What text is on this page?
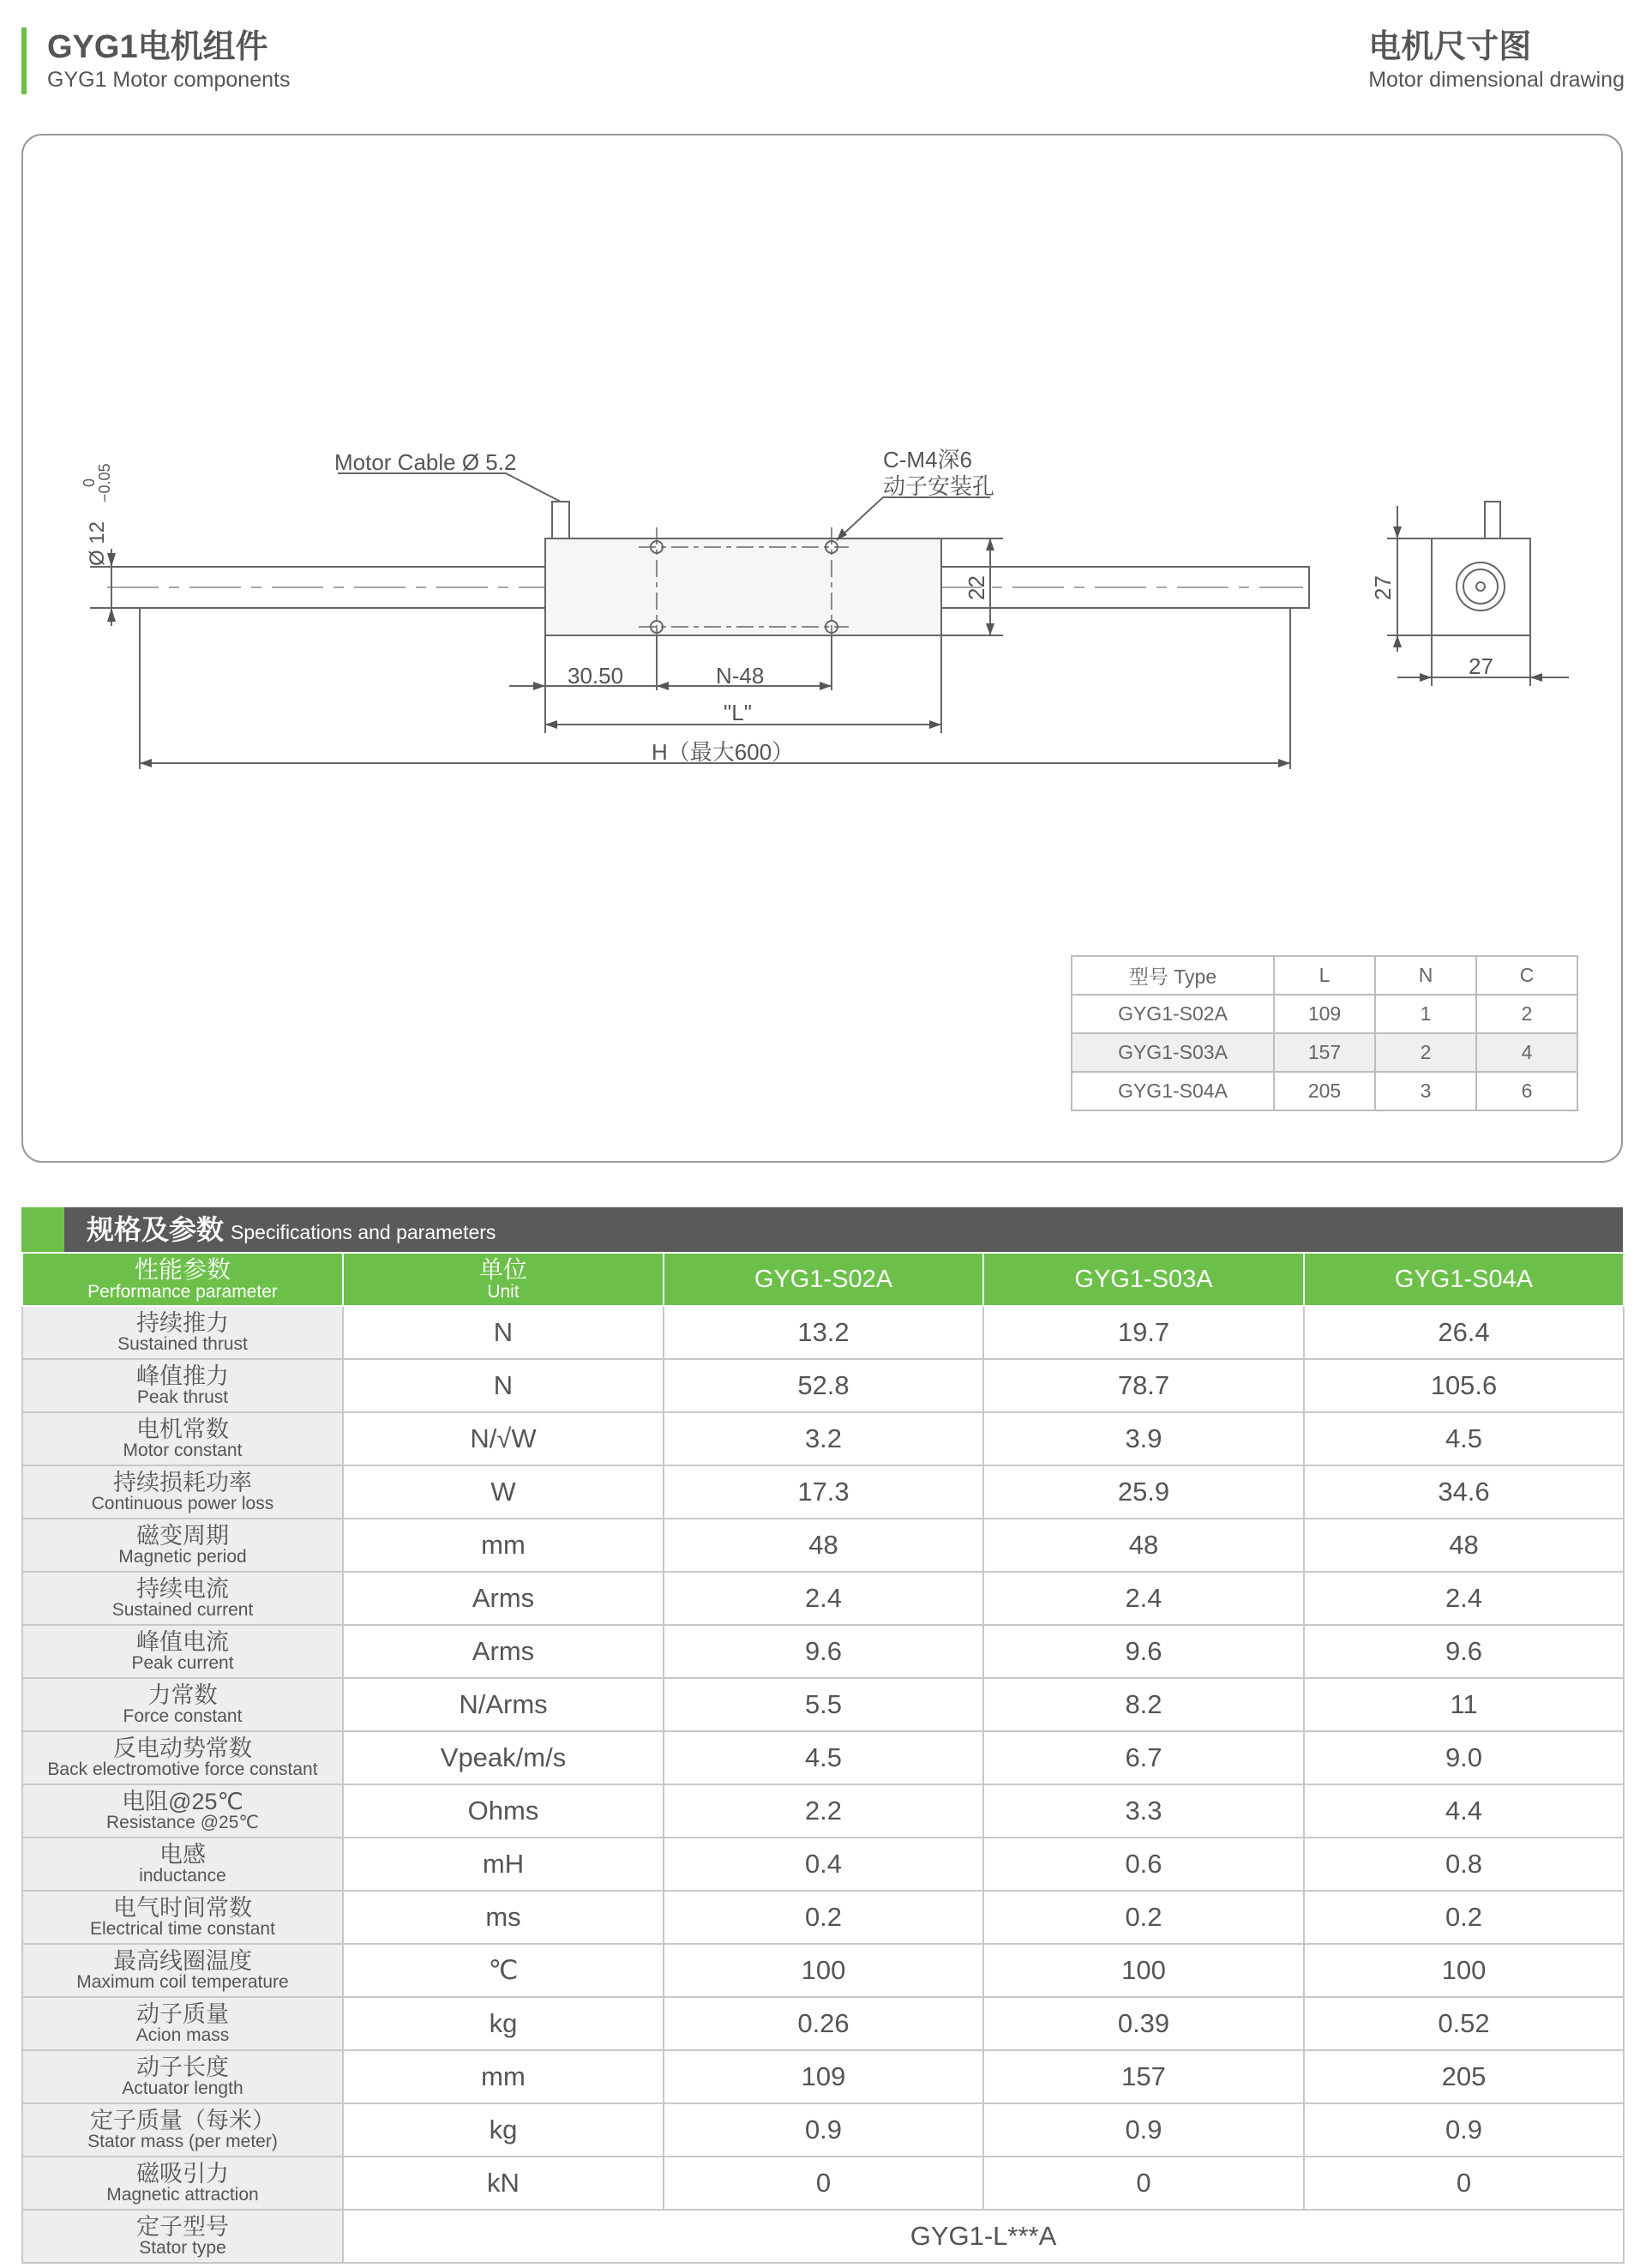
GYG1电机组件
GYG1 Motor components
电机尺寸图
Motor dimensional drawing
Ø 12
0
−0.05
Motor Cable Ø 5.2	C-M4深6
动子安装孔
22
30.50	N-48
"L"
H（最大600）
27
27
型号 Type	L	N	C
GYG1-S02A	109	1	2
GYG1-S03A	157	2	4
GYG1-S04A	205	3	6
规格及参数 Specifications and parameters
性能参数
Performance parameter	单位
Unit	GYG1-S02A	GYG1-S03A	GYG1-S04A

持续推力
Sustained thrust	N	13.2	19.7	26.4

峰值推力
Peak thrust	N	52.8	78.7	105.6

电机常数
Motor constant	N/√W	3.2	3.9	4.5

持续损耗功率
Continuous power loss	W	17.3	25.9	34.6

磁变周期
Magnetic period	mm	48	48	48

持续电流
Sustained current	Arms	2.4	2.4	2.4

峰值电流
Peak current	Arms	9.6	9.6	9.6

力常数
Force constant	N/Arms	5.5	8.2	11

反电动势常数
Back electromotive force constant	Vpeak/m/s	4.5	6.7	9.0

电阻@25℃
Resistance @25℃	Ohms	2.2	3.3	4.4

电感
inductance	mH	0.4	0.6	0.8

电气时间常数
Electrical time constant	ms	0.2	0.2	0.2

最高线圈温度
Maximum coil temperature	℃	100	100	100

动子质量
Acion mass	kg	0.26	0.39	0.52

动子长度
Actuator length	mm	109	157	205

定子质量（每米）
Stator mass (per meter)	kg	0.9	0.9	0.9

磁吸引力
Magnetic attraction	kN	0	0	0

定子型号
Stator type	GYG1-L***A			
